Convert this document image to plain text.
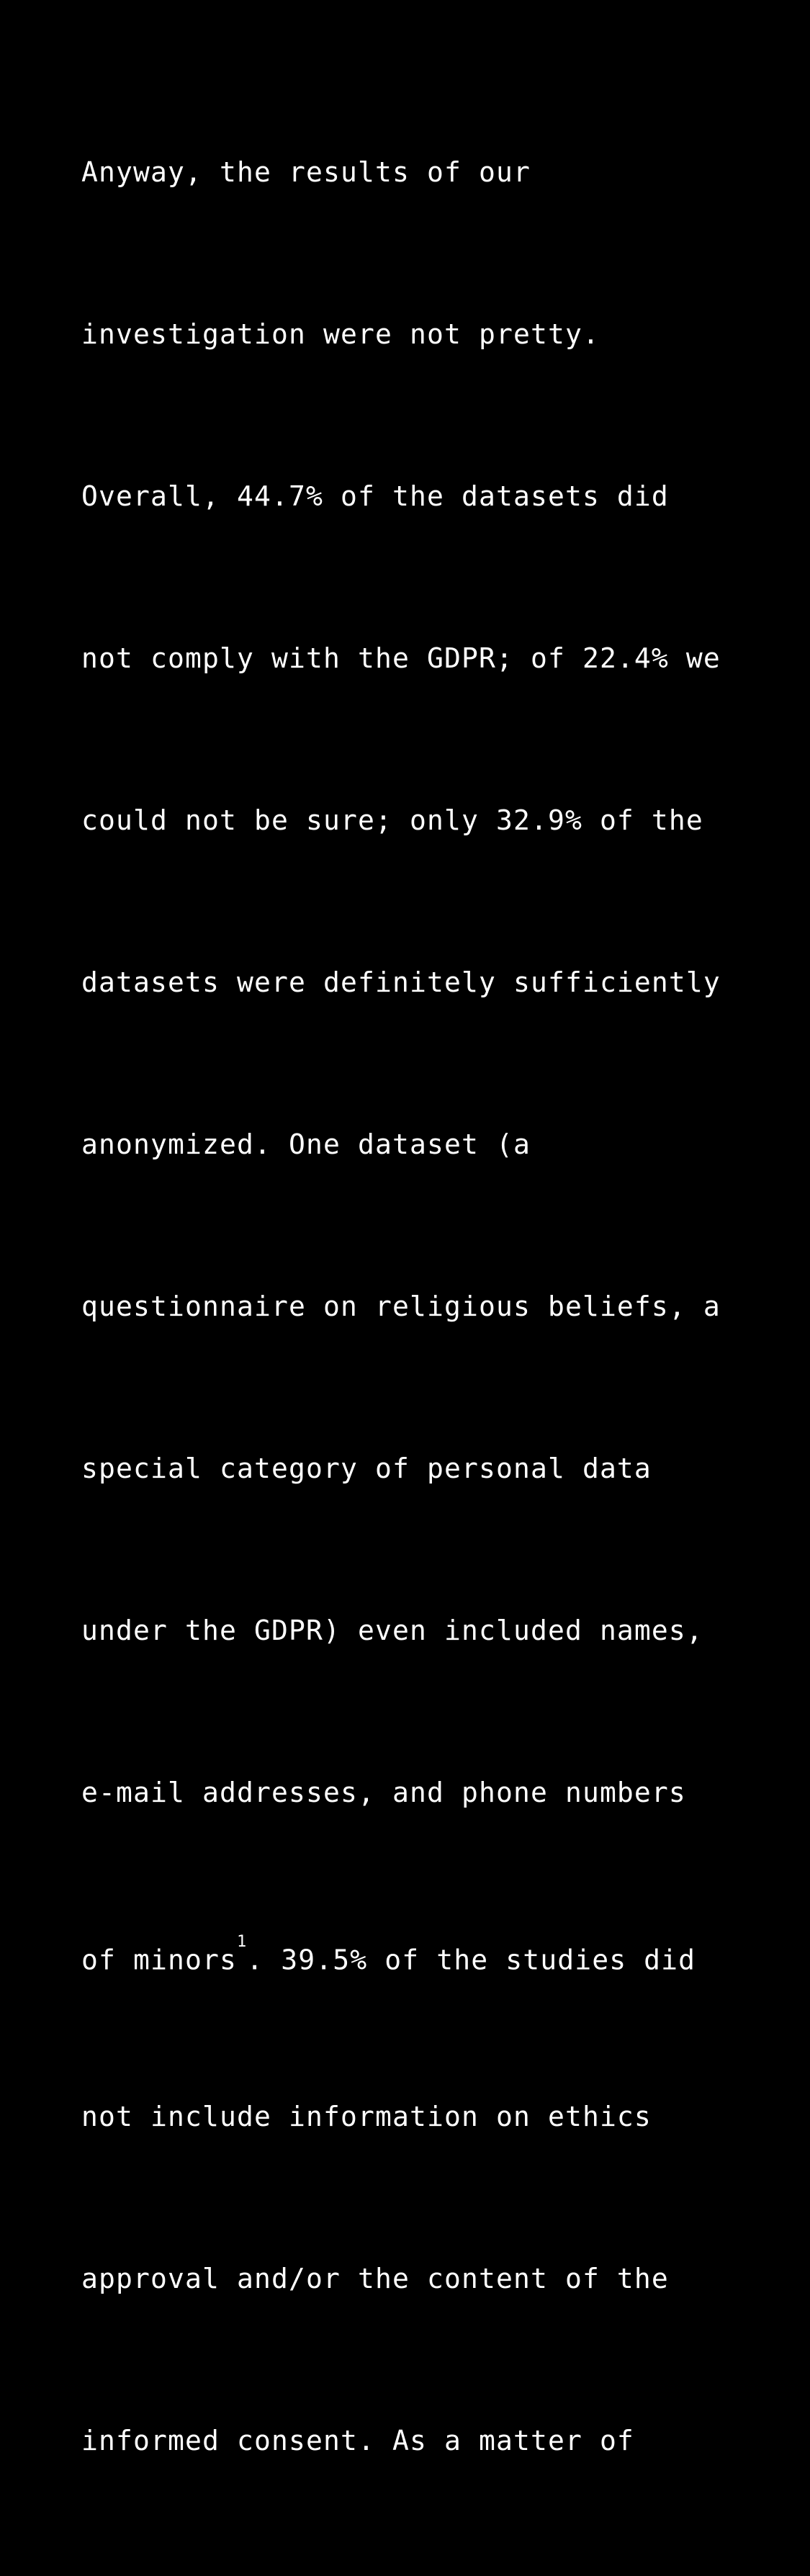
Anyway, the results of our

investigation were not pretty.

Overall, 44.7% of the datasets did

not comply with the GDPR; of 22.4% we

could not be sure; only 32.9% of the

datasets were definitely sufficiently

anonymized. One dataset (a

questionnaire on religious beliefs, a

special category of personal data

under the GDPR) even included names,

e-mail addresses, and phone numbers

of minors$^1$. 39.5% of the studies did

not include information on ethics

approval and/or the content of the

informed consent. As a matter of
